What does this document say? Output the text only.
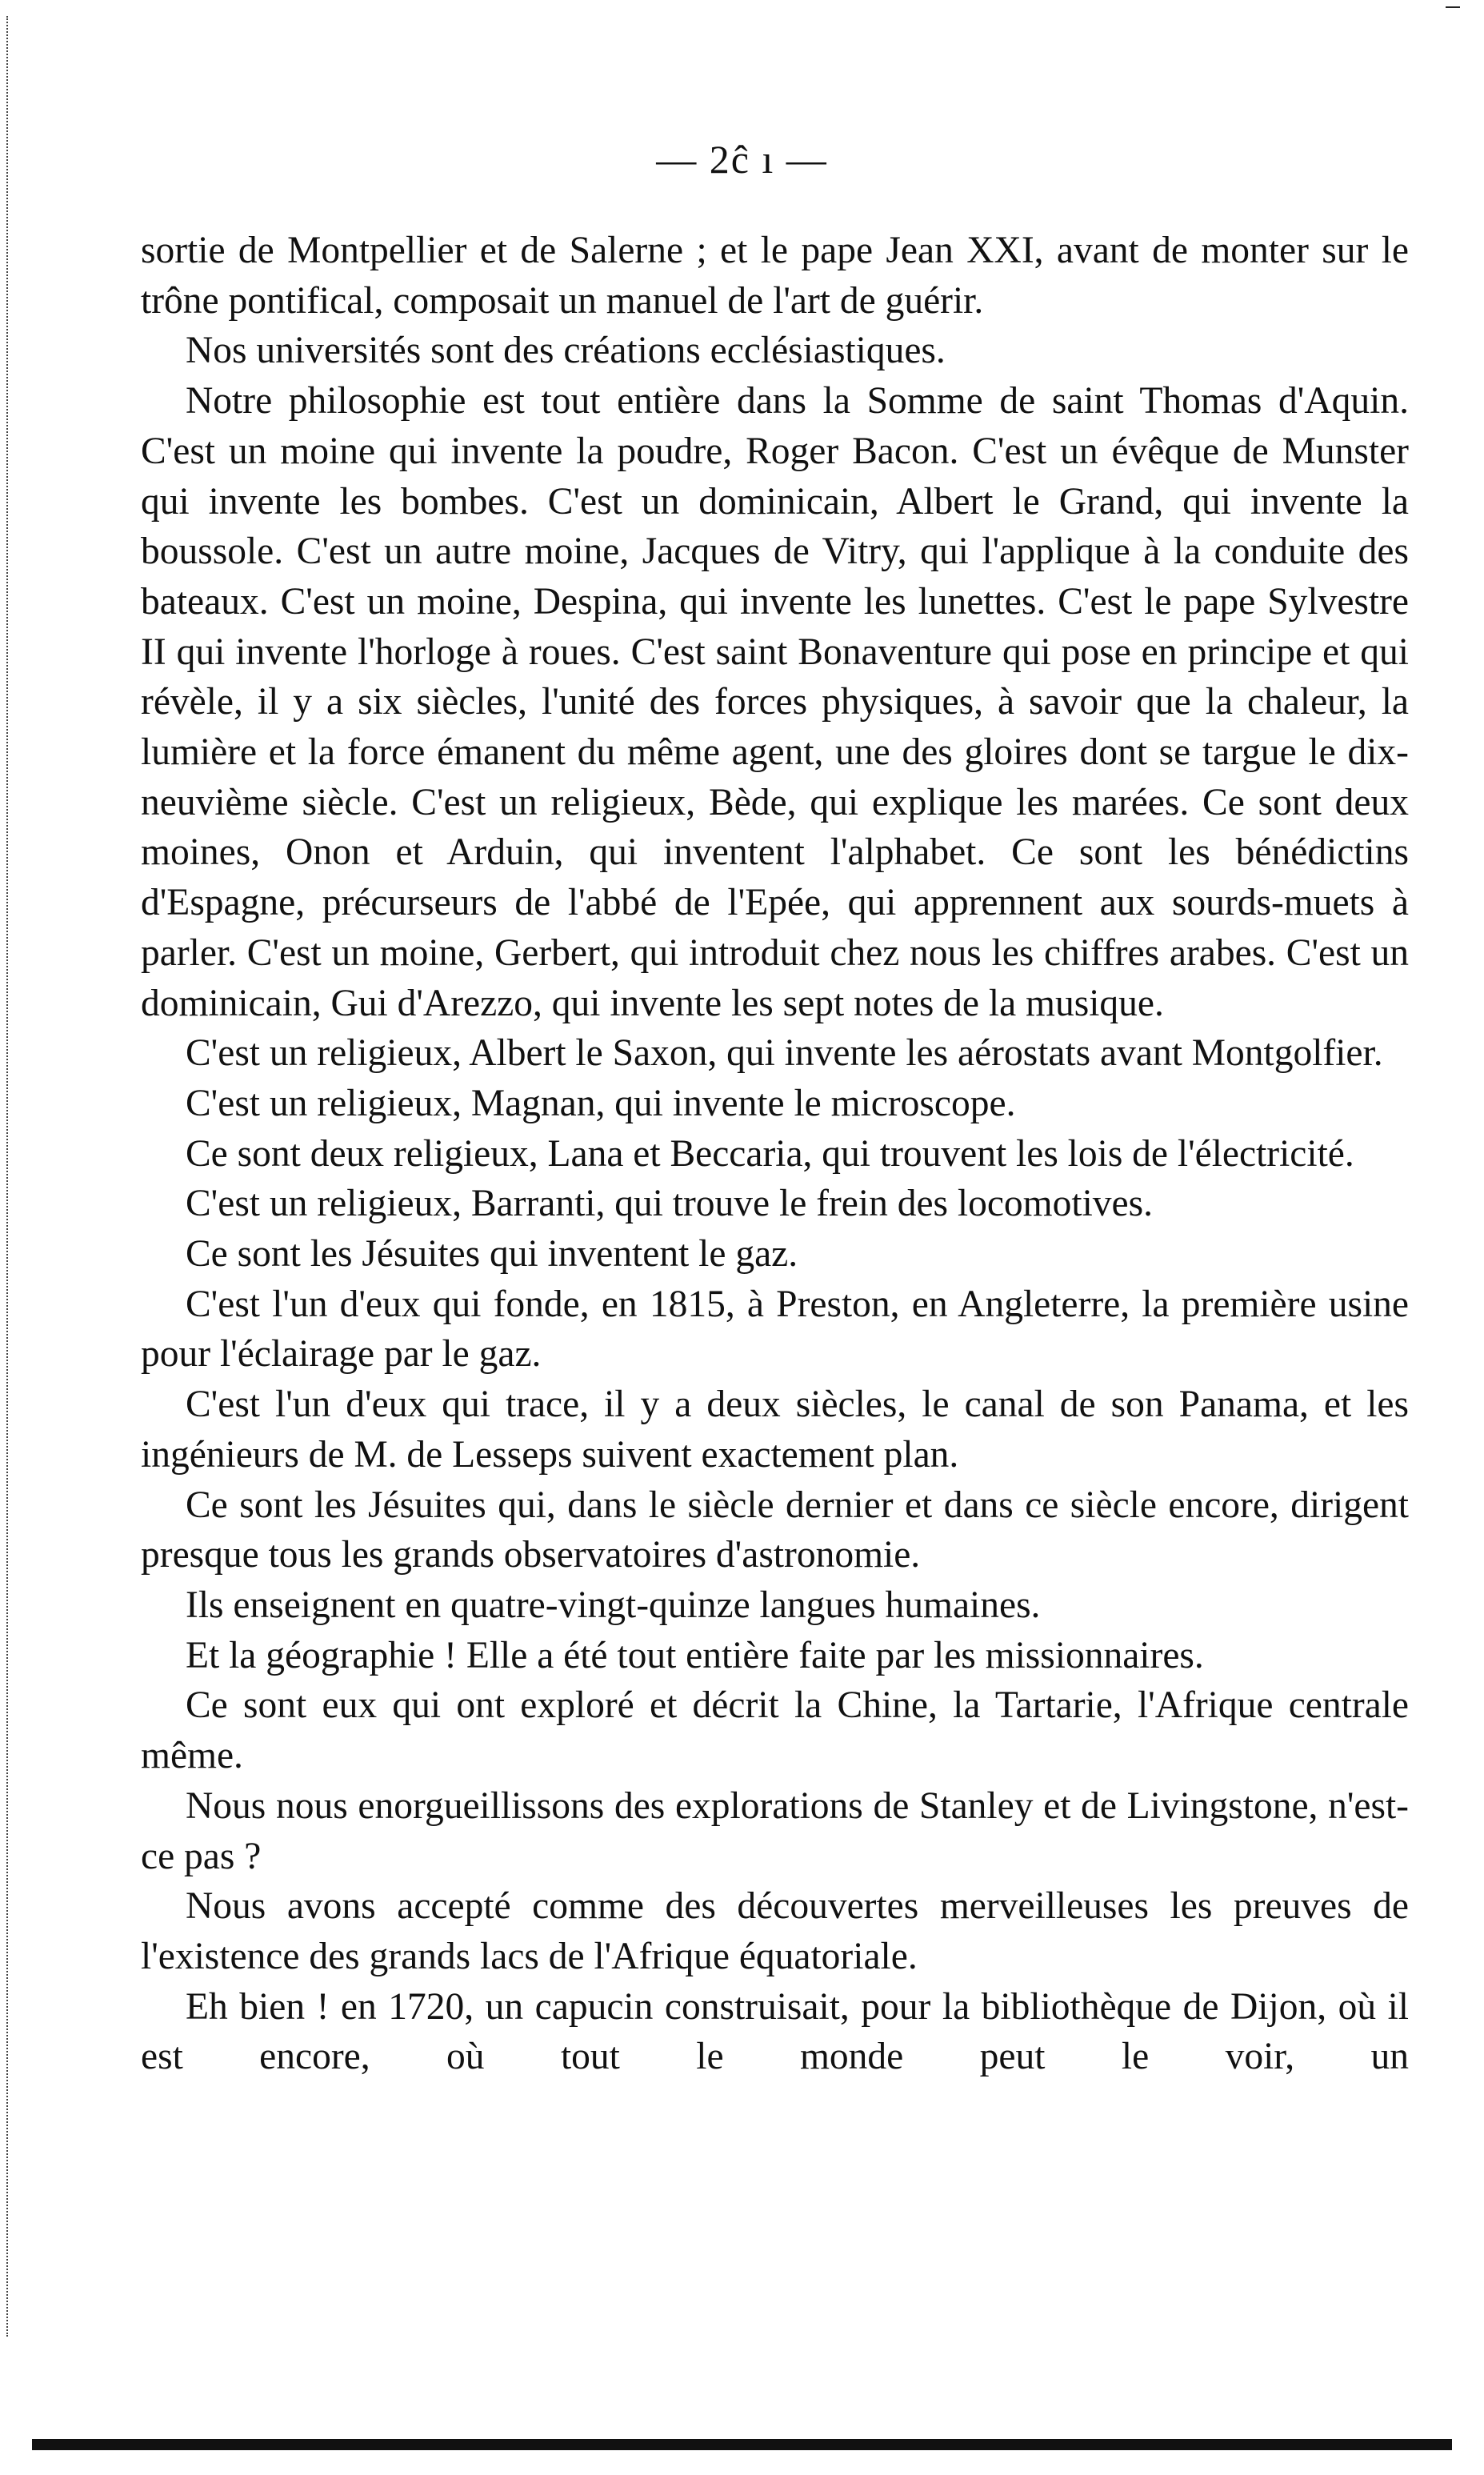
— 2ĉ ı —

sortie de Montpellier et de Salerne ; et le pape Jean XXI, avant de monter sur le trône pontifical, composait un manuel de l'art de guérir.

Nos universités sont des créations ecclésiastiques.

Notre philosophie est tout entière dans la Somme de saint Thomas d'Aquin. C'est un moine qui invente la poudre, Roger Bacon. C'est un évêque de Munster qui invente les bombes. C'est un dominicain, Albert le Grand, qui invente la boussole. C'est un autre moine, Jacques de Vitry, qui l'applique à la conduite des bateaux. C'est un moine, Despina, qui invente les lunettes. C'est le pape Sylvestre II qui invente l'horloge à roues. C'est saint Bonaventure qui pose en principe et qui révèle, il y a six siècles, l'unité des forces physiques, à savoir que la chaleur, la lumière et la force émanent du même agent, une des gloires dont se targue le dix-neuvième siècle. C'est un religieux, Bède, qui explique les marées. Ce sont deux moines, Onon et Arduin, qui inventent l'alphabet. Ce sont les bénédictins d'Espagne, précurseurs de l'abbé de l'Epée, qui apprennent aux sourds-muets à parler. C'est un moine, Gerbert, qui introduit chez nous les chiffres arabes. C'est un dominicain, Gui d'Arezzo, qui invente les sept notes de la musique.

C'est un religieux, Albert le Saxon, qui invente les aérostats avant Montgolfier.

C'est un religieux, Magnan, qui invente le microscope.

Ce sont deux religieux, Lana et Beccaria, qui trouvent les lois de l'électricité.

C'est un religieux, Barranti, qui trouve le frein des locomotives.

Ce sont les Jésuites qui inventent le gaz.

C'est l'un d'eux qui fonde, en 1815, à Preston, en Angleterre, la première usine pour l'éclairage par le gaz.

C'est l'un d'eux qui trace, il y a deux siècles, le canal de son Panama, et les ingénieurs de M. de Lesseps suivent exactement plan.

Ce sont les Jésuites qui, dans le siècle dernier et dans ce siècle encore, dirigent presque tous les grands observatoires d'astronomie.

Ils enseignent en quatre-vingt-quinze langues humaines.

Et la géographie ! Elle a été tout entière faite par les missionnaires.

Ce sont eux qui ont exploré et décrit la Chine, la Tartarie, l'Afrique centrale même.

Nous nous enorgueillissons des explorations de Stanley et de Livingstone, n'est-ce pas ?

Nous avons accepté comme des découvertes merveilleuses les preuves de l'existence des grands lacs de l'Afrique équatoriale.

Eh bien ! en 1720, un capucin construisait, pour la bibliothèque de Dijon, où il est encore, où tout le monde peut le voir, un
